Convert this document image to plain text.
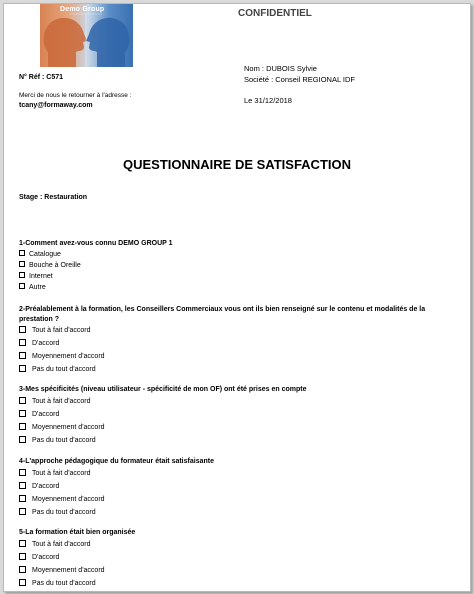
Demo Group	CONFIDENTIEL
N° Réf : C571
Nom : DUBOIS Sylvie
Société : Conseil REGIONAL IDF
Merci de nous le retourner à l'adresse :
tcany@formaway.com
Le 31/12/2018
QUESTIONNAIRE DE SATISFACTION
Stage : Restauration
1-Comment avez-vous connu DEMO GROUP 1
Catalogue
Bouche à Oreille
Internet
Autre
2-Préalablement à la formation, les Conseillers Commerciaux vous ont ils bien renseigné sur le contenu et modalités de la prestation ?
Tout à fait d'accord
D'accord
Moyennement d'accord
Pas du tout d'accord
3-Mes spécificités (niveau utilisateur - spécificité de mon OF) ont été prises en compte
Tout à fait d'accord
D'accord
Moyennement d'accord
Pas du tout d'accord
4-L'approche pédagogique du formateur était satisfaisante
Tout à fait d'accord
D'accord
Moyennement d'accord
Pas du tout d'accord
5-La formation était bien organisée
Tout à fait d'accord
D'accord
Moyennement d'accord
Pas du tout d'accord
